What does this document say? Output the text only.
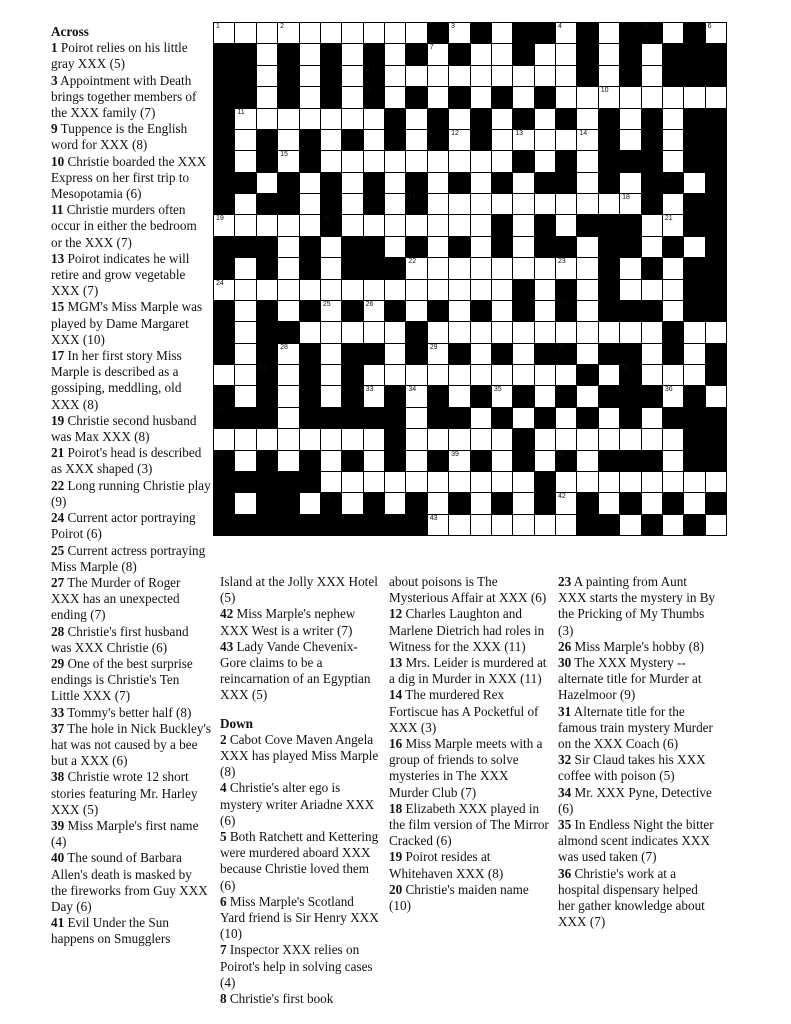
1	2	3	4	5	6
7
8
9	10
11
12	13	14
15
16
17	18
19	20	21
22	23
24
25	26	27
28	29	30
31	32
33	34	35	36
37
38	39	40
41	42
43

Across

1 Poirot relies on his little gray XXX (5)

3 Appointment with Death brings together members of the XXX family (7)

9 Tuppence is the English word for XXX (8)

10 Christie boarded the XXX Express on her first trip to Mesopotamia (6)

11 Christie murders often occur in either the bedroom or the XXX (7)

13 Poirot indicates he will retire and grow vegetable XXX (7)

15 MGM's Miss Marple was played by Dame Margaret XXX (10)

17 In her first story Miss Marple is described as a gossiping, meddling, old XXX (8)

19 Christie second husband was Max XXX (8)

21 Poirot's head is described as XXX shaped (3)

22 Long running Christie play (9)

24 Current actor portraying Poirot (6)

25 Current actress portraying Miss Marple (8)

27 The Murder of Roger XXX has an unexpected ending (7)

28 Christie's first husband was XXX Christie (6)

29 One of the best surprise endings is Christie's Ten Little XXX (7)

33 Tommy's better half (8)

37 The hole in Nick Buckley's hat was not caused by a bee but a XXX (6)

38 Christie wrote 12 short stories featuring Mr. Harley XXX (5)

39 Miss Marple's first name (4)

40 The sound of Barbara Allen's death is masked by the fireworks from Guy XXX Day (6)

41 Evil Under the Sun happens on Smugglers

Island at the Jolly XXX Hotel (5)

42 Miss Marple's nephew XXX West is a writer (7)

43 Lady Vande Chevenix-Gore claims to be a reincarnation of an Egyptian XXX (5)

Down

2 Cabot Cove Maven Angela XXX has played Miss Marple (8)

4 Christie's alter ego is mystery writer Ariadne XXX (6)

5 Both Ratchett and Kettering were murdered aboard XXX because Christie loved them (6)

6 Miss Marple's Scotland Yard friend is Sir Henry XXX (10)

7 Inspector XXX relies on Poirot's help in solving cases (4)

8 Christie's first book

about poisons is The Mysterious Affair at XXX (6)

12 Charles Laughton and Marlene Dietrich had roles in Witness for the XXX (11)

13 Mrs. Leider is murdered at a dig in Murder in XXX (11)

14 The murdered Rex Fortiscue has A Pocketful of XXX (3)

16 Miss Marple meets with a group of friends to solve mysteries in The XXX Murder Club (7)

18 Elizabeth XXX played in the film version of The Mirror Cracked (6)

19 Poirot resides at Whitehaven XXX (8)

20 Christie's maiden name (10)

23 A painting from Aunt XXX starts the mystery in By the Pricking of My Thumbs (3)

26 Miss Marple's hobby (8)

30 The XXX Mystery -- alternate title for Murder at Hazelmoor (9)

31 Alternate title for the famous train mystery Murder on the XXX Coach (6)

32 Sir Claud takes his XXX coffee with poison (5)

34 Mr. XXX Pyne, Detective (6)

35 In Endless Night the bitter almond scent indicates XXX was used taken (7)

36 Christie's work at a hospital dispensary helped her gather knowledge about XXX (7)
